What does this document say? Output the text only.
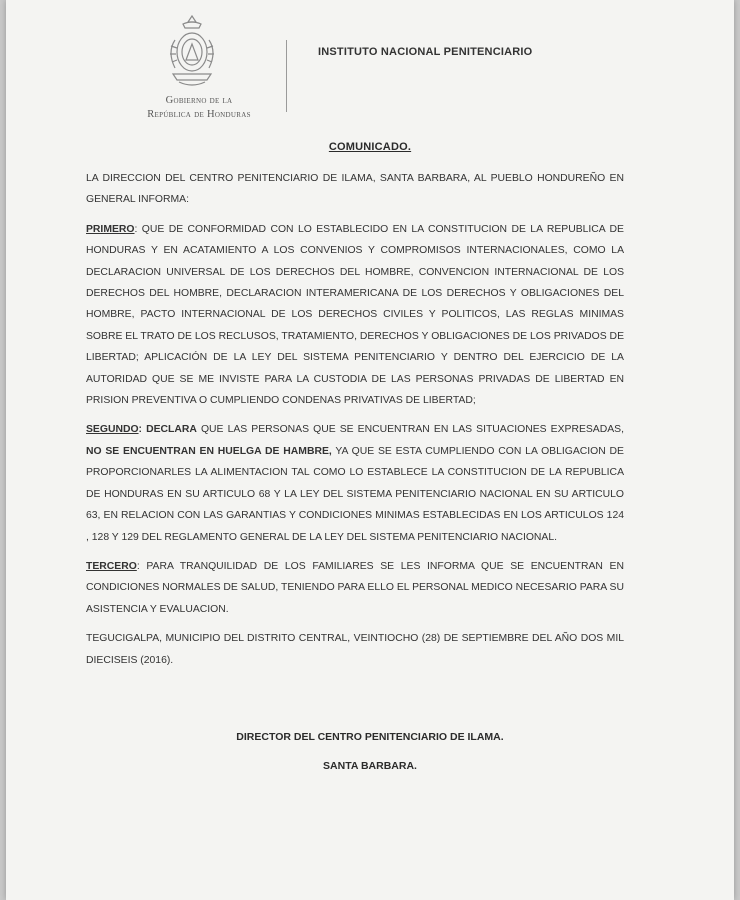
Gobierno de la
República de Honduras
INSTITUTO NACIONAL PENITENCIARIO
COMUNICADO.

LA DIRECCION DEL CENTRO PENITENCIARIO DE ILAMA, SANTA BARBARA, AL PUEBLO HONDUREÑO EN GENERAL INFORMA:

PRIMERO: QUE DE CONFORMIDAD CON LO ESTABLECIDO EN LA CONSTITUCION DE LA REPUBLICA DE HONDURAS Y EN ACATAMIENTO A LOS CONVENIOS Y COMPROMISOS INTERNACIONALES, COMO LA DECLARACION UNIVERSAL DE LOS DERECHOS DEL HOMBRE, CONVENCION INTERNACIONAL DE LOS DERECHOS DEL HOMBRE, DECLARACION INTERAMERICANA DE LOS DERECHOS Y OBLIGACIONES DEL HOMBRE, PACTO INTERNACIONAL DE LOS DERECHOS CIVILES Y POLITICOS, LAS REGLAS MINIMAS SOBRE EL TRATO DE LOS RECLUSOS, TRATAMIENTO, DERECHOS Y OBLIGACIONES DE LOS PRIVADOS DE LIBERTAD; APLICACIÓN DE LA LEY DEL SISTEMA PENITENCIARIO Y DENTRO DEL EJERCICIO DE LA AUTORIDAD QUE SE ME INVISTE PARA LA CUSTODIA DE LAS PERSONAS PRIVADAS DE LIBERTAD EN PRISION PREVENTIVA O CUMPLIENDO CONDENAS PRIVATIVAS DE LIBERTAD;

SEGUNDO: DECLARA QUE LAS PERSONAS QUE SE ENCUENTRAN EN LAS SITUACIONES EXPRESADAS, NO SE ENCUENTRAN EN HUELGA DE HAMBRE, YA QUE SE ESTA CUMPLIENDO CON LA OBLIGACION DE PROPORCIONARLES LA ALIMENTACION TAL COMO LO ESTABLECE LA CONSTITUCION DE LA REPUBLICA DE HONDURAS EN SU ARTICULO 68 Y LA LEY DEL SISTEMA PENITENCIARIO NACIONAL EN SU ARTICULO 63, EN RELACION CON LAS GARANTIAS Y CONDICIONES MINIMAS ESTABLECIDAS EN LOS ARTICULOS 124 , 128 Y 129 DEL REGLAMENTO GENERAL DE LA LEY DEL SISTEMA PENITENCIARIO NACIONAL.

TERCERO: PARA TRANQUILIDAD DE LOS FAMILIARES SE LES INFORMA QUE SE ENCUENTRAN EN CONDICIONES NORMALES DE SALUD, TENIENDO PARA ELLO EL PERSONAL MEDICO NECESARIO PARA SU ASISTENCIA Y EVALUACION.

TEGUCIGALPA, MUNICIPIO DEL DISTRITO CENTRAL, VEINTIOCHO (28) DE SEPTIEMBRE DEL AÑO DOS MIL DIECISEIS (2016).

DIRECTOR DEL CENTRO PENITENCIARIO DE ILAMA.
SANTA BARBARA.
